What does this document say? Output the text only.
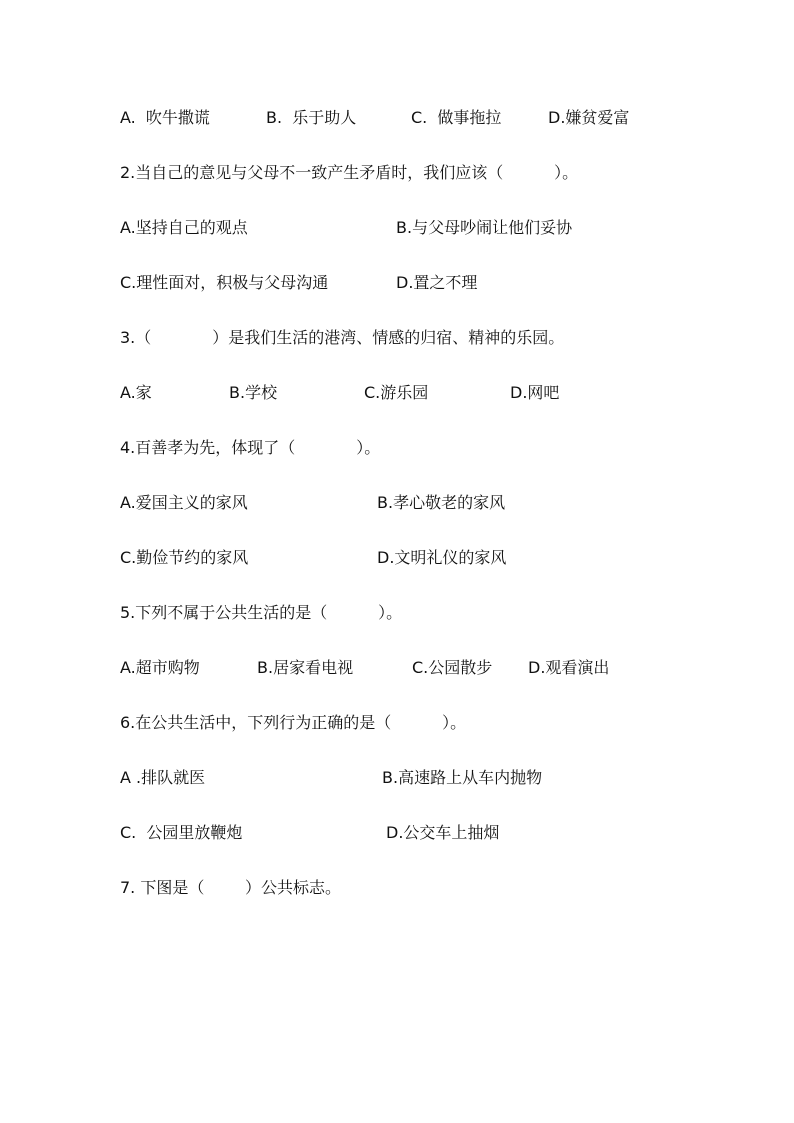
A.  吹牛撒谎	B.  乐于助人	C.  做事拖拉	D.嫌贫爱富
2.当自己的意见与父母不一致产生矛盾时，我们应该（          ）。
A.坚持自己的观点	B.与父母吵闹让他们妥协
C.理性面对，积极与父母沟通	D.置之不理
3.（            ）是我们生活的港湾、情感的归宿、精神的乐园。
A.家	B.学校	C.游乐园	D.网吧
4.百善孝为先，体现了（            ）。
A.爱国主义的家风	B.孝心敬老的家风
C.勤俭节约的家风	D.文明礼仪的家风
5.下列不属于公共生活的是（          ）。
A.超市购物	B.居家看电视	C.公园散步 D.观看演出
6.在公共生活中，下列行为正确的是（          ）。
A .排队就医	B.高速路上从车内抛物
C.  公园里放鞭炮	D.公交车上抽烟
7. 下图是（        ）公共标志。
